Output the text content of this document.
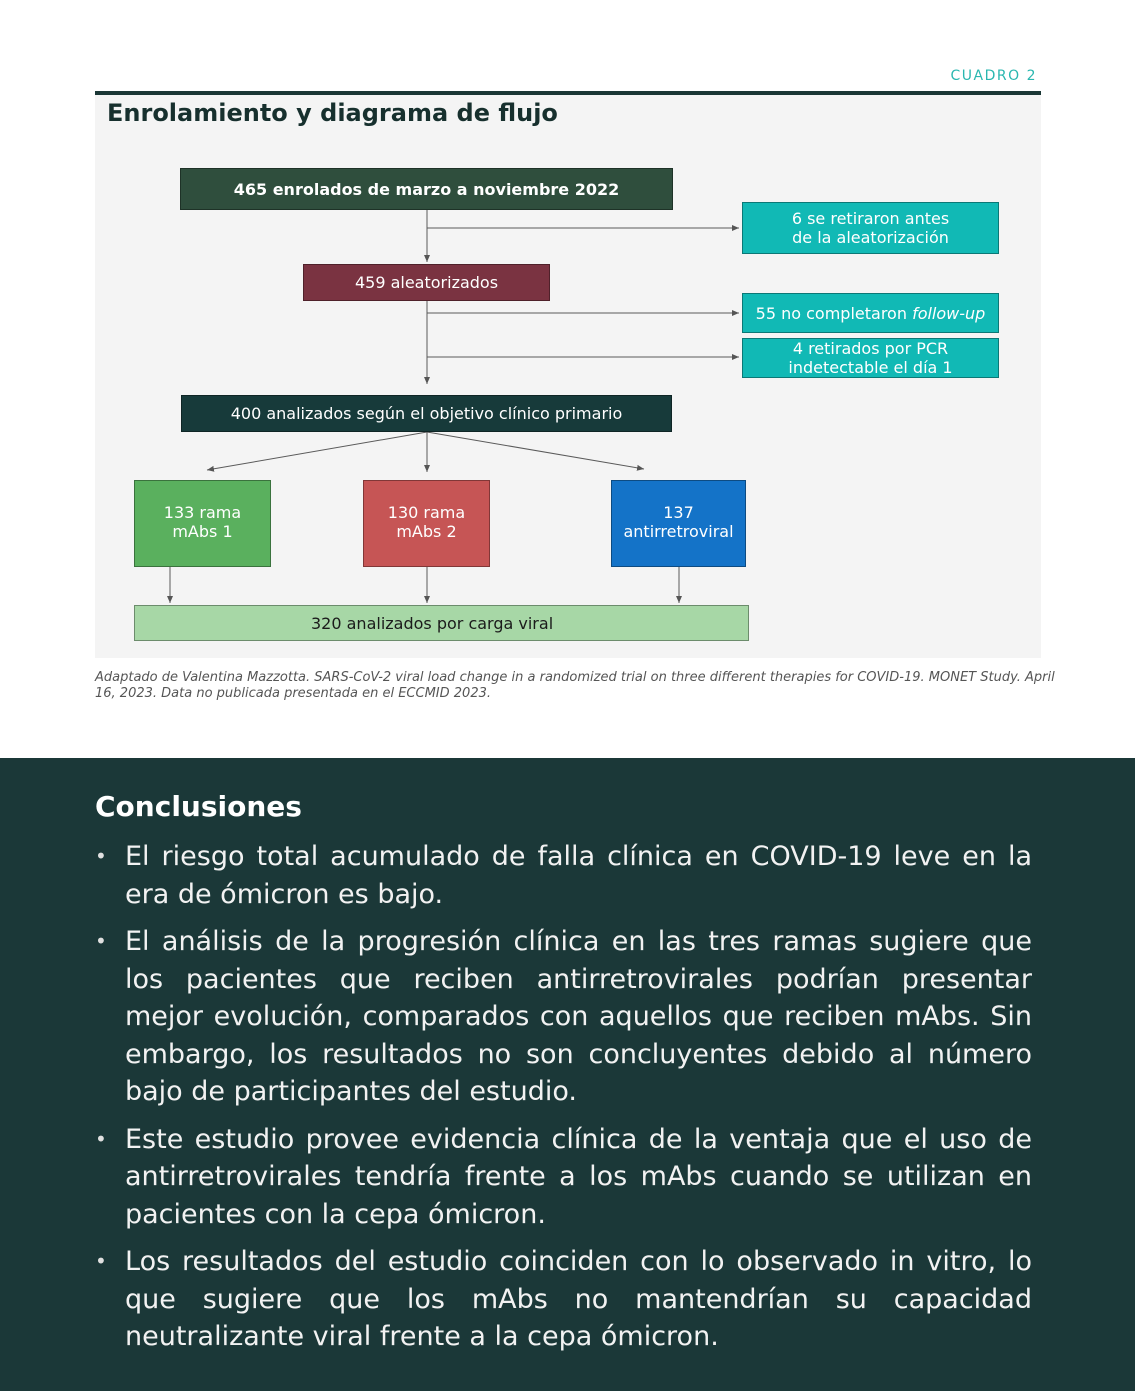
CUADRO 2
Enrolamiento y diagrama de flujo
465 enrolados de marzo a noviembre 2022
6 se retiraron antes
de la aleatorización
459 aleatorizados
55 no completaron follow-up
4 retirados por PCR
indetectable el día 1
400 analizados según el objetivo clínico primario
133 rama
mAbs 1
130 rama
mAbs 2
137
antirretroviral
320 analizados por carga viral
Adaptado de Valentina Mazzotta. SARS-CoV-2 viral load change in a randomized trial on three different therapies for COVID-19. MONET Study. April 16, 2023. Data no publicada presentada en el ECCMID 2023.
Conclusiones
• El riesgo total acumulado de falla clínica en COVID-19 leve en la era de ómicron es bajo.
• El análisis de la progresión clínica en las tres ramas sugiere que los pacientes que reciben antirretrovirales podrían presentar mejor evolución, comparados con aquellos que reciben mAbs. Sin embargo, los resultados no son concluyentes debido al número bajo de participantes del estudio.
• Este estudio provee evidencia clínica de la ventaja que el uso de antirretrovirales tendría frente a los mAbs cuando se utilizan en pacientes con la cepa ómicron.
• Los resultados del estudio coinciden con lo observado in vitro, lo que sugiere que los mAbs no mantendrían su capacidad neutralizante viral frente a la cepa ómicron.
